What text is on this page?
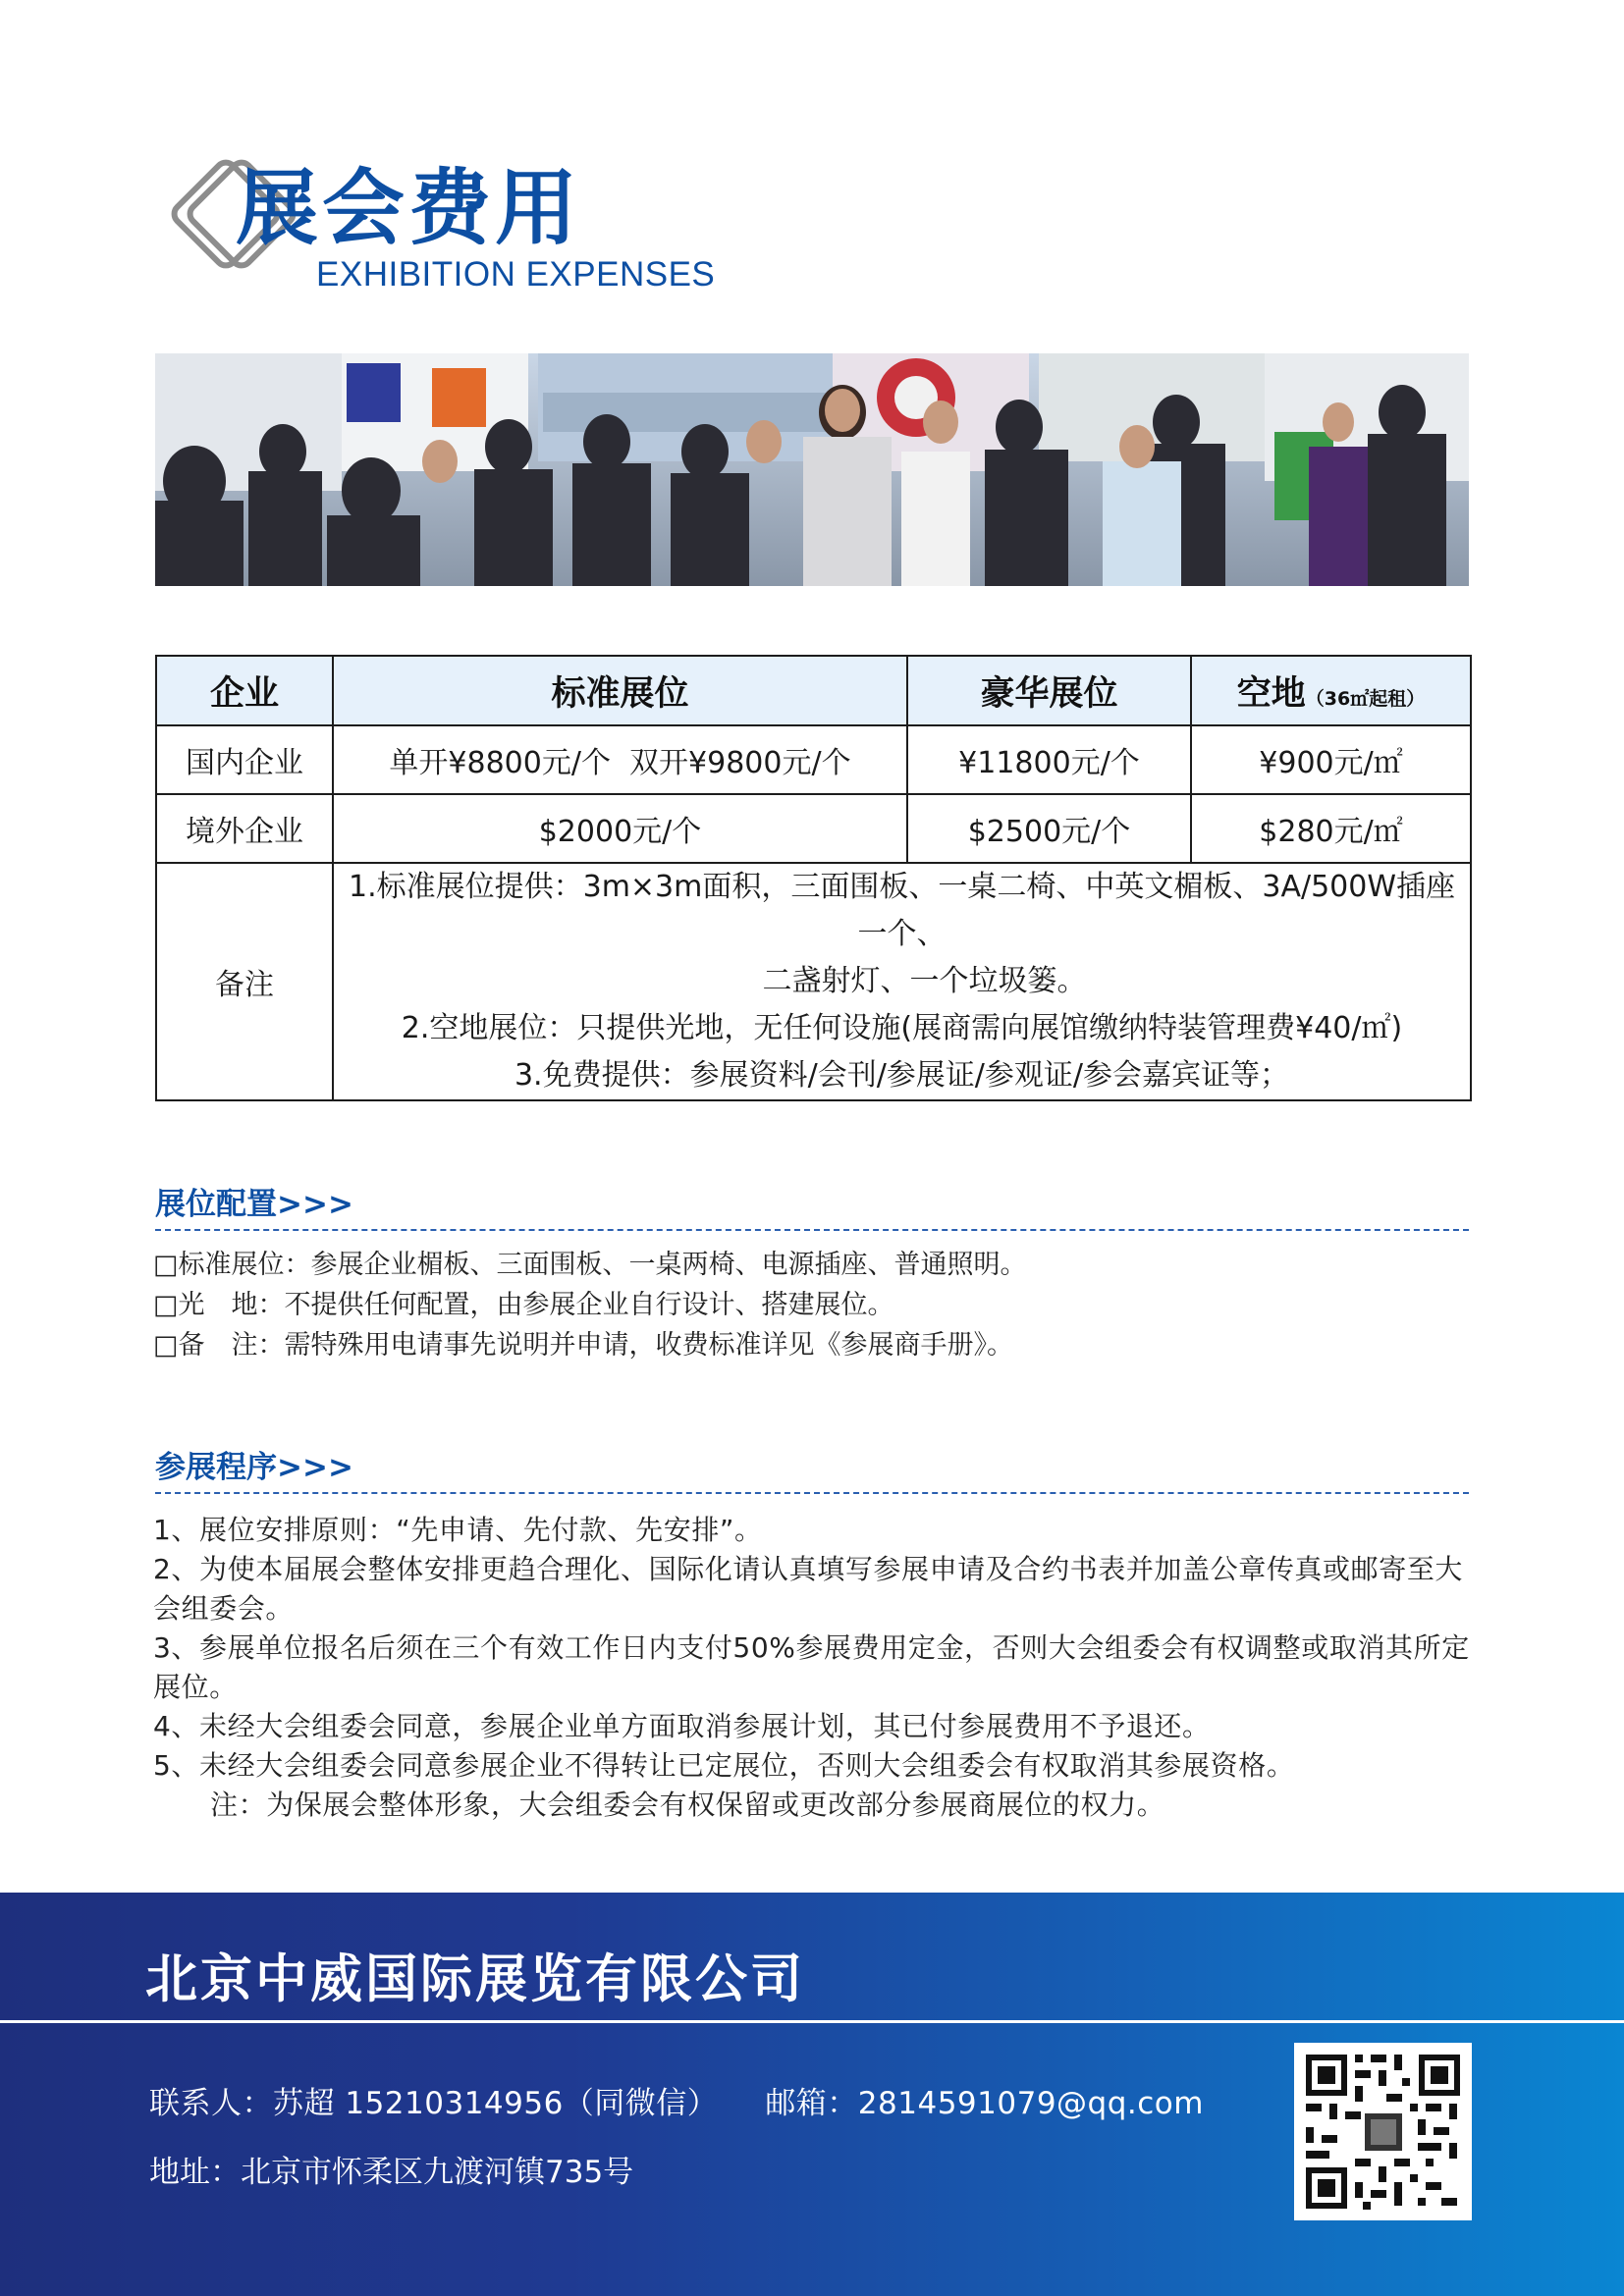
展会费用
EXHIBITION EXPENSES
企业	标准展位	豪华展位	空地（36㎡起租）
国内企业	单开¥8800元/个  双开¥9800元/个	¥11800元/个	¥900元/㎡
境外企业	$2000元/个	$2500元/个	$280元/㎡
备注	1.标准展位提供：3m×3m面积，三面围板、一桌二椅、中英文楣板、3A/500W插座一个、
二盏射灯、一个垃圾篓。
2.空地展位：只提供光地，无任何设施(展商需向展馆缴纳特装管理费¥40/㎡)
3.免费提供：参展资料/会刊/参展证/参观证/参会嘉宾证等；		
展位配置>>>
□标准展位：参展企业楣板、三面围板、一桌两椅、电源插座、普通照明。
□光　地：不提供任何配置，由参展企业自行设计、搭建展位。
□备　注：需特殊用电请事先说明并申请，收费标准详见《参展商手册》。
参展程序>>>
1、展位安排原则：“先申请、先付款、先安排”。
2、为使本届展会整体安排更趋合理化、国际化请认真填写参展申请及合约书表并加盖公章传真或邮寄至大会组委会。
3、参展单位报名后须在三个有效工作日内支付50%参展费用定金，否则大会组委会有权调整或取消其所定展位。
4、未经大会组委会同意，参展企业单方面取消参展计划，其已付参展费用不予退还。
5、未经大会组委会同意参展企业不得转让已定展位，否则大会组委会有权取消其参展资格。
注：为保展会整体形象，大会组委会有权保留或更改部分参展商展位的权力。
北京中威国际展览有限公司
联系人：苏超 15210314956（同微信） 邮箱：2814591079@qq.com
地址：北京市怀柔区九渡河镇735号
